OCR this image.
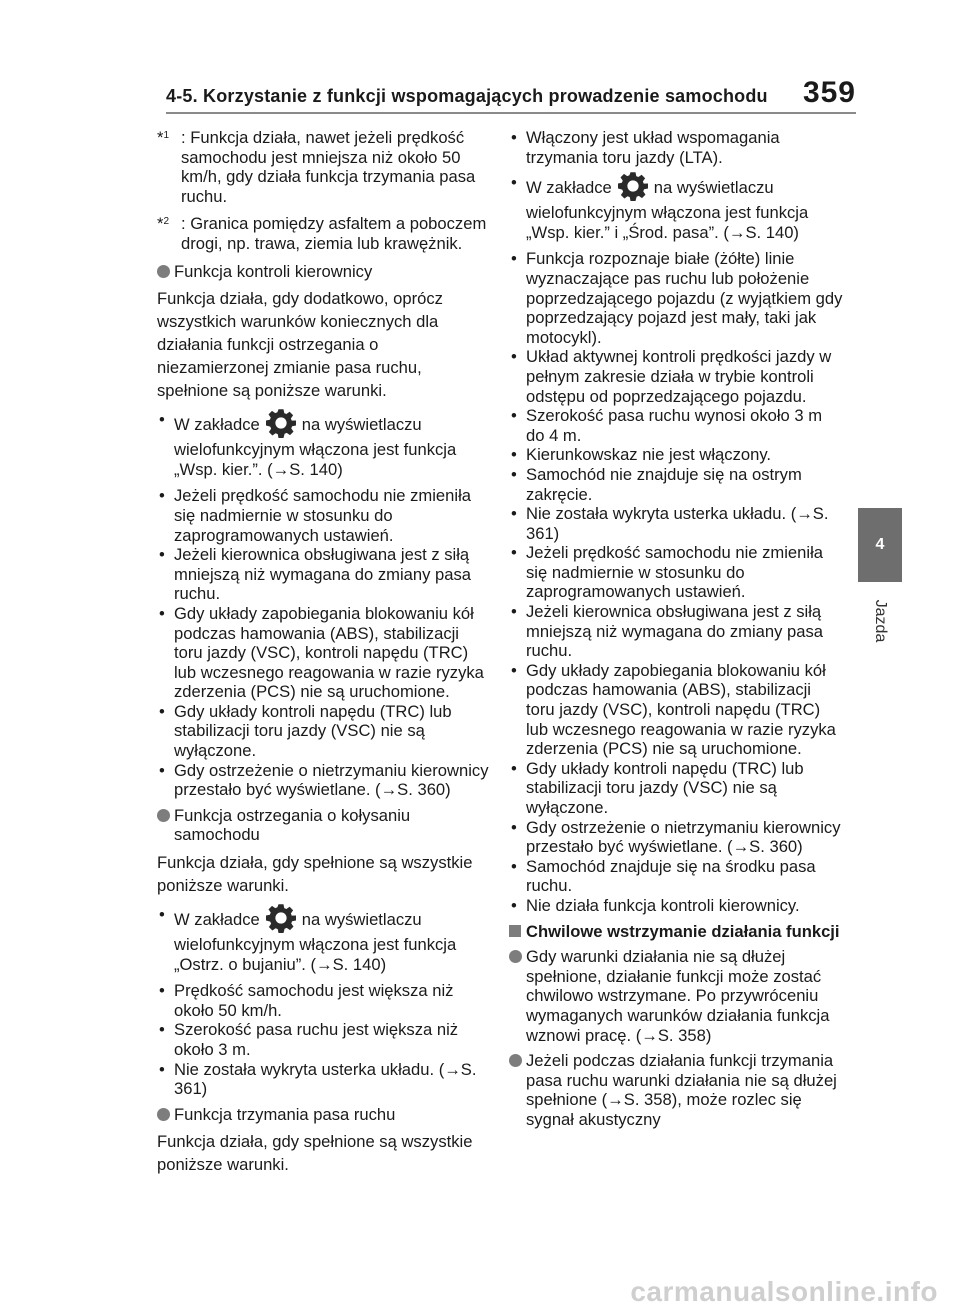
4-5. Korzystanie z funkcji wspomagających prowadzenie samochodu 359
4
Jazda
*$^1$ : Funkcja działa, nawet jeżeli prędkość samochodu jest mniejsza niż około 50 km/h, gdy działa funkcja trzymania pasa ruchu.
*$^2$ : Granica pomiędzy asfaltem a poboczem drogi, np. trawa, ziemia lub krawężnik.
Funkcja kontroli kierownicy
Funkcja działa, gdy dodatkowo, oprócz wszystkich warunków koniecznych dla działania funkcji ostrzegania o niezamierzonej zmianie pasa ruchu, spełnione są poniższe warunki.
• W zakładce	na wyświetlaczu
wielofunkcyjnym włączona jest funkcja „Wsp. kier.”. (→S. 140)
• Jeżeli prędkość samochodu nie zmieniła się nadmiernie w stosunku do zaprogramowanych ustawień.
• Jeżeli kierownica obsługiwana jest z siłą mniejszą niż wymagana do zmiany pasa ruchu.
• Gdy układy zapobiegania blokowaniu kół podczas hamowania (ABS), stabilizacji toru jazdy (VSC), kontroli napędu (TRC) lub wczesnego reagowania w razie ryzyka zderzenia (PCS) nie są uruchomione.
• Gdy układy kontroli napędu (TRC) lub stabilizacji toru jazdy (VSC) nie są wyłączone.
• Gdy ostrzeżenie o nietrzymaniu kierownicy przestało być wyświetlane. (→S. 360)
Funkcja ostrzegania o kołysaniu samochodu
Funkcja działa, gdy spełnione są wszystkie poniższe warunki.
• W zakładce	na wyświetlaczu
wielofunkcyjnym włączona jest funkcja „Ostrz. o bujaniu”. (→S. 140)
• Prędkość samochodu jest większa niż około 50 km/h.
• Szerokość pasa ruchu jest większa niż około 3 m.
• Nie została wykryta usterka układu. (→S. 361)
Funkcja trzymania pasa ruchu
Funkcja działa, gdy spełnione są wszystkie poniższe warunki.
• Włączony jest układ wspomagania trzymania toru jazdy (LTA).
• W zakładce	na wyświetlaczu
wielofunkcyjnym włączona jest funkcja „Wsp. kier.” i „Środ. pasa”. (→S. 140)
• Funkcja rozpoznaje białe (żółte) linie wyznaczające pas ruchu lub położenie poprzedzającego pojazdu (z wyjątkiem gdy poprzedzający pojazd jest mały, taki jak motocykl).
• Układ aktywnej kontroli prędkości jazdy w pełnym zakresie działa w trybie kontroli odstępu od poprzedzającego pojazdu.
• Szerokość pasa ruchu wynosi około 3 m do 4 m.
• Kierunkowskaz nie jest włączony.
• Samochód nie znajduje się na ostrym zakręcie.
• Nie została wykryta usterka układu. (→S. 361)
• Jeżeli prędkość samochodu nie zmieniła się nadmiernie w stosunku do zaprogramowanych ustawień.
• Jeżeli kierownica obsługiwana jest z siłą mniejszą niż wymagana do zmiany pasa ruchu.
• Gdy układy zapobiegania blokowaniu kół podczas hamowania (ABS), stabilizacji toru jazdy (VSC), kontroli napędu (TRC) lub wczesnego reagowania w razie ryzyka zderzenia (PCS) nie są uruchomione.
• Gdy układy kontroli napędu (TRC) lub stabilizacji toru jazdy (VSC) nie są wyłączone.
• Gdy ostrzeżenie o nietrzymaniu kierownicy przestało być wyświetlane. (→S. 360)
• Samochód znajduje się na środku pasa ruchu.
• Nie działa funkcja kontroli kierownicy.
Chwilowe wstrzymanie działania funkcji
Gdy warunki działania nie są dłużej spełnione, działanie funkcji może zostać chwilowo wstrzymane. Po przywróceniu wymaganych warunków działania funkcja wznowi pracę. (→S. 358)
Jeżeli podczas działania funkcji trzymania pasa ruchu warunki działania nie są dłużej spełnione (→S. 358), może rozlec się sygnał akustyczny
carmanualsonline.info
